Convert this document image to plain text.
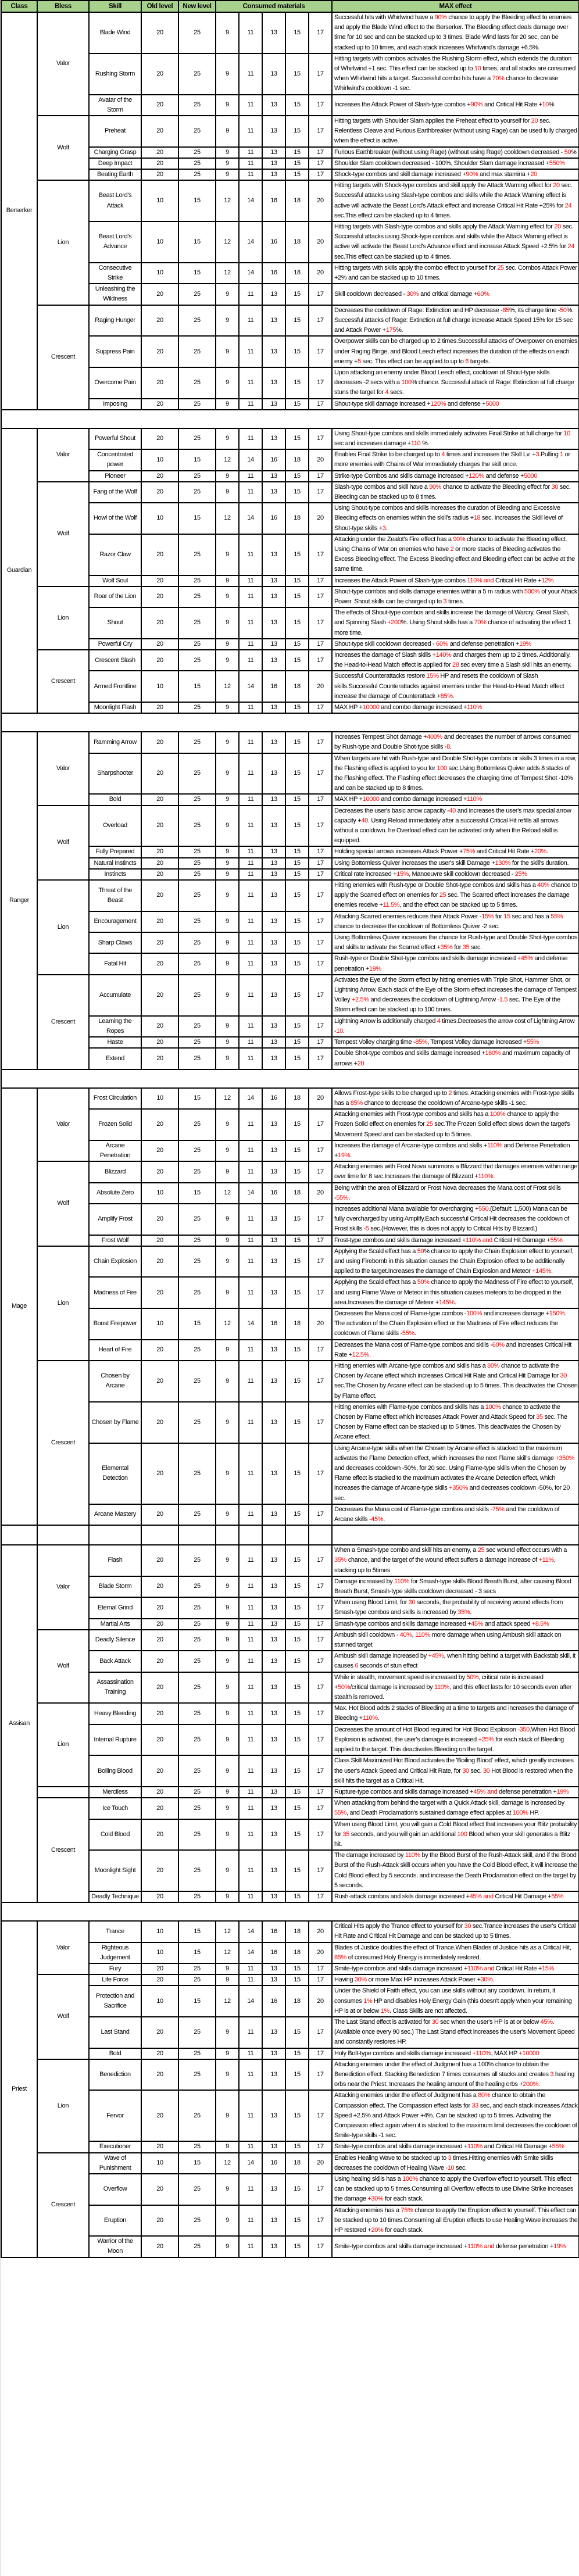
Class	Bless	Skill	Old level	New level	Consumed materials					MAX effect
Berserker	Valor	Blade Wind	20	25	9	11	13	15	17	Successful hits with Whirlwind have a 90% chance to apply the Bleeding effect to enemies and apply the Blade Wind effect to the Berserker. The Bleeding effect deals damage over time for 10 sec and can be stacked up to 3 times. Blade Wind lasts for 20 sec, can be stacked up to 10 times, and each stack increases Whirlwind's damage +6.5%.
		Rushing Storm	20	25	9	11	13	15	17	Hitting targets with combos activates the Rushing Storm effect, which extends the duration of Whirlwind +1 sec. This effect can be stacked up to 10 times, and all stacks are consumed when Whirlwind hits a target. Successful combo hits have a 70% chance to decrease Whirlwind's cooldown -1 sec.
		Avatar of the Storm	20	25	9	11	13	15	17	Increases the Attack Power of Slash-type combos +90% and Critical Hit Rate +10%
	Wolf	Preheat	20	25	9	11	13	15	17	Hitting targets with Shoulder Slam applies the Preheat effect to yourself for 20 sec. Relentless Cleave and Furious Earthbreaker (without using Rage) can be used fully charged when the effect is active.
		Charging Grasp	20	25	9	11	13	15	17	Furious Earthbreaker (without using Rage) (without using Rage) cooldown decreased - 50%
		Deep Impact	20	25	9	11	13	15	17	Shoulder Slam cooldown decreased - 100%, Shoulder Slam damage increased +550%
		Beating Earth	20	25	9	11	13	15	17	Shock-type combos and skill damage increased +90% and max stamina +20
	Lion	Beast Lord's Attack	10	15	12	14	16	18	20	Hitting targets with Shock-type combos and skill apply the Attack Warning effect for 20 sec. Successful attacks using Slash-type combos and skills while the Attack Warning effect is active will activate the Beast Lord's Attack effect and increase Critical Hit Rate +25% for 24 sec.This effect can be stacked up to 4 times.
		Beast Lord's Advance	10	15	12	14	16	18	20	Hitting targets with Slash-type combos and skills apply the Attack Warning effect for 20 sec. Successful attacks using Shock-type combos and skills while the Attack Warning effect is active will activate the Beast Lord's Advance effect and increase Attack Speed +2.5% for 24 sec.This effect can be stacked up to 4 times.
		Consecutive Strike	10	15	12	14	16	18	20	Hitting targets with skills apply the combo effect to yourself for 25 sec. Combos Attack Power +2% and can be stacked up to 10 times.
		Unleashing the Wildness	20	25	9	11	13	15	17	Skill cooldown decreased - 30% and critical damage +60%
	Crescent	Raging Hunger	20	25	9	11	13	15	17	Decreases the cooldown of Rage: Extinction and HP decrease -85%, its charge time -50%. Successful attacks of Rage: Extinction at full charge increase Attack Speed 15% for 15 sec and Attack Power +175%.
		Suppress Pain	20	25	9	11	13	15	17	Overpower skills can be charged up to 2 times.Successful attacks of Overpower on enemies under Raging Binge, and Blood Leech effect increases the duration of the effects on each enemy +5 sec. This effect can be applied to up to 6 targets.
		Overcome Pain	20	25	9	11	13	15	17	Upon attacking an enemy under Blood Leech effect, cooldown of Shout-type skills decreases -2 secs with a 100% chance. Successful attack of Rage: Extinction at full charge stuns the target for 4 secs.
		Imposing	20	25	9	11	13	15	17	Shout-type skill damage increased +120% and defense +5000

Guardian	Valor	Powerful Shout	20	25	9	11	13	15	17	Using Shout-type combos and skills immediately activates Final Strike at full charge for 10 sec and increases damage +110 %.
		Concentrated power	10	15	12	14	16	18	20	Enables Final Strike to be charged up to 4 times and increases the Skill Lv. +3.Pulling 1 or more enemies with Chains of War immediately charges the skill once.
		Pioneer	20	25	9	11	13	15	17	Strike-type Combos and skills damage increased +120% and defense +5000
	Wolf	Fang of the Wolf	20	25	9	11	13	15	17	Slash-type combos and skill have a 90% chance to activate the Bleeding effect for 30 sec. Bleeding can be stacked up to 8 times.
		Howl of the Wolf	10	15	12	14	16	18	20	Using Shout-type combos and skills increases the duration of Bleeding and Excessive Bleeding effects on enemies within the skill's radius +18 sec. Increases the Skill level of Shout-type skills +3.
		Razor Claw	20	25	9	11	13	15	17	Attacking under the Zealot's Fire effect has a 90% chance to activate the Bleeding effect. Using Chains of War on enemies who have 2 or more stacks of Bleeding activates the Excess Bleeding effect. The Excess Bleeding effect and Bleeding effect can be active at the same time.
		Wolf Soul	20	25	9	11	13	15	17	Increases the Attack Power of Slash-type combos 110% and Critical Hit Rate +12%
	Lion	Roar of the Lion	20	25	9	11	13	15	17	Shout-type combos and skills damage enemies within a 5 m radius with 500% of your Attack Power. Shout skills can be charged up to 3 times.
		Shout	20	25	9	11	13	15	17	The effects of Shout-type combos and skills increase the damage of Warcry, Great Slash, and Spinning Slash +200%. Using Shout skills has a 70% chance of activating the effect 1 more time.
		Powerful Cry	20	25	9	11	13	15	17	Shout-type skill cooldown decreased - 60% and defense penetration +19%
	Crescent	Crescent Slash	20	25	9	11	13	15	17	Increases the damage of Slash skills +140% and charges them up to 2 times. Additionally, the Head-to-Head Match effect is applied for 28 sec every time a Slash skill hits an enemy.
		Armed Frontline	10	15	12	14	16	18	20	Successful Counterattacks restore 15% HP and resets the cooldown of Slash skills.Successful Counterattacks against enemies under the Head-to-Head Match effect increase the damage of Counterattack +85%.
		Moonlight Flash	20	25	9	11	13	15	17	MAX HP +10000 and combo damage increased +110%

Ranger	Valor	Ramming Arrow	20	25	9	11	13	15	17	Increases Tempest Shot damage +400% and decreases the number of arrows consumed by Rush-type and Double Shot-type skills -8.
		Sharpshooter	20	25	9	11	13	15	17	When targets are hit with Rush-type and Double Shot-type combos or skills 3 times in a row, the Flashing effect is applied to you for 100 sec.Using Bottomless Quiver adds 8 stacks of the Flashing effect. The Flashing effect decreases the charging time of Tempest Shot -10% and can be stacked up to 8 times.
		Bold	20	25	9	11	13	15	17	MAX HP +10000 and combo damage increased +110%
	Wolf	Overload	20	25	9	11	13	15	17	Decreases the user's basic arrow capacity -40 and increases the user's max special arrow capacity +40. Using Reload immediately after a successful Critical Hit refills all arrows without a cooldown. he Overload effect can be activated only when the Reload skill is equipped.
		Fully Prepared	20	25	9	11	13	15	17	Holding special arrows increases Attack Power +75% and Critical Hit Rate +20%.
		Natural Instincts	20	25	9	11	13	15	17	Using Bottomless Quiver increases the user's skill Damage +130% for the skill's duration.
		Instincts	20	25	9	11	13	15	17	Critical rate increased +15%, Manoeuvre skill cooldown decreased - 25%
	Lion	Threat of the Beast	20	25	9	11	13	15	17	Hitting enemies with Rush-type or Double Shot-type combos and skills has a 40% chance to apply the Scarred effect on enemies for 25 sec. The Scarred effect increases the damage enemies receive +11.5%, and the effect can be stacked up to 5 times.
		Encouragement	20	25	9	11	13	15	17	Attacking Scarred enemies reduces their Attack Power -15% for 15 sec and has a 55% chance to decrease the cooldown of Bottomless Quiver -2 sec.
		Sharp Claws	20	25	9	11	13	15	17	Using Bottomless Quiver increases the chance for Rush-type and Double Shot-type combos and skills to activate the Scarred effect +35% for 35 sec.
		Fatal Hit	20	25	9	11	13	15	17	Rush-type or Double Shot-type combos and skills damage increased +45% and defense penetration +19%
	Crescent	Accumulate	20	25	9	11	13	15	17	Activates the Eye of the Storm effect by hitting enemies with Triple Shot, Hammer Shot, or Lightning Arrow. Each stack of the Eye of the Storm effect increases the damage of Tempest Volley +2.5% and decreases the cooldown of Lightning Arrow -1.5 sec. The Eye of the Storm effect can be stacked up to 100 times.
		Learning the Ropes	20	25	9	11	13	15	17	Lightning Arrow is additionally charged 4 times.Decreases the arrow cost of Lightning Arrow -10.
		Haste	20	25	9	11	13	15	17	Tempest Volley charging time -85%, Tempest Volley damage increased +55%
		Extend	20	25	9	11	13	15	17	Double Shot-type combos and skills damage increased +160% and maximum capacity of arrows +20

Mage	Valor	Frost Circulation	10	15	12	14	16	18	20	Allows Frost-type skills to be charged up to 2 times. Attacking enemies with Frost-type skills has a 85% chance to decrease the cooldown of Arcane-type skills -1 sec.
		Frozen Solid	20	25	9	11	13	15	17	Attacking enemies with Frost-type combos and skills has a 100% chance to apply the Frozen Solid effect on enemies for 25 sec.The Frozen Solid effect slows down the target's Movement Speed and can be stacked up to 5 times.
		Arcane Penetration	20	25	9	11	13	15	17	Increases the damage of Arcane-type combos and skills +110% and Defense Penetration +19%.
	Wolf	Blizzard	20	25	9	11	13	15	17	Attacking enemies with Frost Nova summons a Blizzard that damages enemies within range over time for 8 sec.Increases the damage of Blizzard +110%.
		Absolute Zero	10	15	12	14	16	18	20	Being within the area of Blizzard or Frost Nova decreases the Mana cost of Frost skills -55%.
		Amplify Frost	20	25	9	11	13	15	17	Increases additional Mana available for overcharging +550.(Default: 1,500) Mana can be fully overcharged by using Amplify.Each successful Critical Hit decreases the cooldown of Frost skills -5 sec.(However, this is does not apply to Critical Hits by Blizzard.)
		Frost Wolf	20	25	9	11	13	15	17	Frost-type combos and skills damage increased +110% and Critical Hit Damage +55%
	Lion	Chain Explosion	20	25	9	11	13	15	17	Applying the Scald effect has a 50% chance to apply the Chain Explosion effect to yourself, and using Firebomb in this situation causes the Chain Explosion effect to be additionally applied to the target.Increases the damage of Chain Explosion and Meteor +145%.
		Madness of Fire	20	25	9	11	13	15	17	Applying the Scald effect has a 50% chance to apply the Madness of Fire effect to yourself, and using Flame Wave or Meteor in this situation causes meteors to be dropped in the area.Increases the damage of Meteor +145%.
		Boost Firepower	10	15	12	14	16	18	20	Decreases the Mana cost of Flame-type combos -100% and increases damage +150%. The activation of the Chain Explosion effect or the Madness of Fire effect reduces the cooldown of Flame skills -55%.
		Heart of Fire	20	25	9	11	13	15	17	Decreases the Mana cost of Flame-type combos and skills -60% and increases Critical Hit Rate +12.5%.
	Crescent	Chosen by Arcane	20	25	9	11	13	15	17	Hitting enemies with Arcane-type combos and skills has a 80% chance to activate the Chosen by Arcane effect which increases Critical Hit Rate and Critical Hit Damage for 30 sec.The Chosen by Arcane effect can be stacked up to 5 times. This deactivates the Chosen by Flame effect.
		Chosen by Flame	20	25	9	11	13	15	17	Hitting enemies with Flame-type combos and skills has a 100% chance to activate the Chosen by Flame effect which increases Attack Power and Attack Speed for 35 sec. The Chosen by Flame effect can be stacked up to 5 times. This deactivates the Chosen by Arcane effect.
		Elemental Detection	20	25	9	11	13	15	17	Using Arcane-type skills when the Chosen by Arcane effect is stacked to the maximum activates the Flame Detection effect, which increases the next Flame skill's damage +350% and decreases cooldown -50%, for 20 sec. Using Flame-type skills when the Chosen by Flame effect is stacked to the maximum activates the Arcane Detection effect, which increases the damage of Arcane-type skills +350% and decreases cooldown -50%, for 20 sec.
		Arcane Mastery	20	25	9	11	13	15	17	Decreases the Mana cost of Flame-type combos and skills -75% and the cooldown of Arcane skills -45%.

Assisan	Valor	Flash	20	25	9	11	13	15	17	When a Smash-type combo and skill hits an enemy, a 25 sec wound effect occurs with a 35% chance, and the target of the wound effect suffers a damage increase of +11%, stacking up to 5times
		Blade Storm	20	25	9	11	13	15	17	Damage increased by 110% for Smash-type skills Blood Breath Burst, after causing Blood Breath Burst, Smash-type skills cooldown decreased - 3 secs
		Eternal Grind	20	25	9	11	13	15	17	When using Blood Limit, for 30 seconds, the probability of receiving wound effects from Smash-type combos and skills is increased by 35%.
		Martial Arts	20	25	9	11	13	15	17	Smash-type combos and skills damage increased +45% and attack speed +8.5%
	Wolf	Deadly Silence	20	25	9	11	13	15	17	Ambush skill cooldown - 40%, 110% more damage when using Ambush skill attack on stunned target
		Back Attack	20	25	9	11	13	15	17	Ambush skill damage increased by +45%, when hitting behind a target with Backstab skill, it causes 6 seconds of stun effect
		Assassination Training	20	25	9	11	13	15	17	While in stealth, movement speed is increased by 50%, critical rate is increased +50%/critical damage is increased by 110%, and this effect lasts for 10 seconds even after stealth is removed.
	Lion	Heavy Bleeding	20	25	9	11	13	15	17	Max. Hot Blood adds 2 stacks of Bleeding at a time to targets and increases the damage of Bleeding +110%.
		Internal Rupture	20	25	9	11	13	15	17	Decreases the amount of Hot Blood required for Hot Blood Explosion -350.When Hot Blood Explosion is activated, the user's damage is increased +25% for each stack of Bleeding applied to the target. This deactivates Bleeding on the target.
		Boiling Blood	20	25	9	11	13	15	17	Class Skill Maximized Hot Blood activates the 'Boiling Blood' effect, which greatly increases the user's Attack Speed and Critical Hit Rate, for 30 sec. 30 Hot Blood is restored when the skill hits the target as a Critical Hit.
		Merciless	20	25	9	11	13	15	17	Rupture-type combos and skills damage increased +45% and defense penetration +19%
	Crescent	Ice Touch	20	25	9	11	13	15	17	When attacking from behind the target with a Quick Attack skill, damage is increased by 55%, and Death Proclamation's sustained damage effect applies at 100% HP.
		Cold Blood	20	25	9	11	13	15	17	When using Blood Limit, you will gain a Cold Blood effect that increases your Blitz probability for 35 seconds, and you will gain an additional 100 Blood when your skill generates a Blitz hit.
		Moonlight Sight	20	25	9	11	13	15	17	The damage increased by 110% by the Blood Burst of the Rush-Attack skill, and if the Blood Burst of the Rush-Attack skill occurs when you have the Cold Blood effect, it will increase the Cold Blood effect by 5 seconds, and increase the Death Proclamation effect on the target by 5 seconds.
		Deadly Technique	20	25	9	11	13	15	17	Rush-attack combos and skils damage increased +45% and Critical Hit Damage +55%

Priest	Valor	Trance	10	15	12	14	16	18	20	Critical Hits apply the Trance effect to yourself for 30 sec.Trance increases the user's Critical Hit Rate and Critical Hit Damage and can be stacked up to 5 times.
		Righteous Judgement	10	15	12	14	16	18	20	Blades of Justice doubles the effect of Trance.When Blades of Justice hits as a Critical Hit, 85% of consumed Holy Energy is immediately restored.
		Fury	20	25	9	11	13	15	17	Smite-type combos and skills damage increased +110% and Critical Hit Rate +15%
	Wolf	Life Force	20	25	9	11	13	15	17	Having 30% or more Max HP increases Attack Power +30%.
		Protection and Sacrifice	10	15	12	14	16	18	20	Under the Shield of Faith effect, you can use skills without any cooldown. In return, it consumes 1% HP and disables Holy Energy Gain (this doesn't apply when your remaining HP is at or below 1%. Class Skills are not affected.
		Last Stand	20	25	9	11	13	15	17	The Last Stand effect is activated for 30 sec when the user's HP is at or below 45%. (Available once every 90 sec.) The Last Stand effect increases the user's Movement Speed and constantly restores HP.
		Bold	20	25	9	11	13	15	17	Holy Bolt-type combos and skills damage increased +110%, MAX HP +10000
	Lion	Benediction	20	25	9	11	13	15	17	Attacking enemies under the effect of Judgment has a 100% chance to obtain the Benediction effect. Stacking Benediction 7 times consumes all stacks and creates 3 healing orbs near the Priest. Increases the healing amount of the healing orbs +200%.
		Fervor	20	25	9	11	13	15	17	Attacking enemies under the effect of Judgment has a 80% chance to obtain the Compassion effect. The Compassion effect lasts for 33 sec, and each stack increases Attack Speed +2.5% and Attack Power +4%. Can be stacked up to 5 times. Activating the Compassion effect again when it is stacked to the maximum limit decreases the cooldown of Smite-type skills -1 sec.
		Executioner	20	25	9	11	13	15	17	Smite-type combos and skills damage increased +110% and Critical Hit Damage +55%
	Crescent	Wave of Punishment	10	15	12	14	16	18	20	Enables Healing Wave to be stacked up to 3 times.Hitting enemies with Smite skills decreases the cooldown of Healing Wave -10 sec.
		Overflow	20	25	9	11	13	15	17	Using healing skills has a 100% chance to apply the Overflow effect to yourself. This effect can be stacked up to 5 times.Consuming all Overflow effects to use Divine Strike increases the damage +30% for each stack.
		Eruption	20	25	9	11	13	15	17	Attacking enemies has a 75% chance to apply the Eruption effect to yourself. This effect can be stacked up to 10 times.Consuming all Eruption effects to use Healing Wave increases the HP restored +20% for each stack.
		Warrior of the Moon	20	25	9	11	13	15	17	Smite-type combos and skills damage increased +110% and defense penetration +19%
